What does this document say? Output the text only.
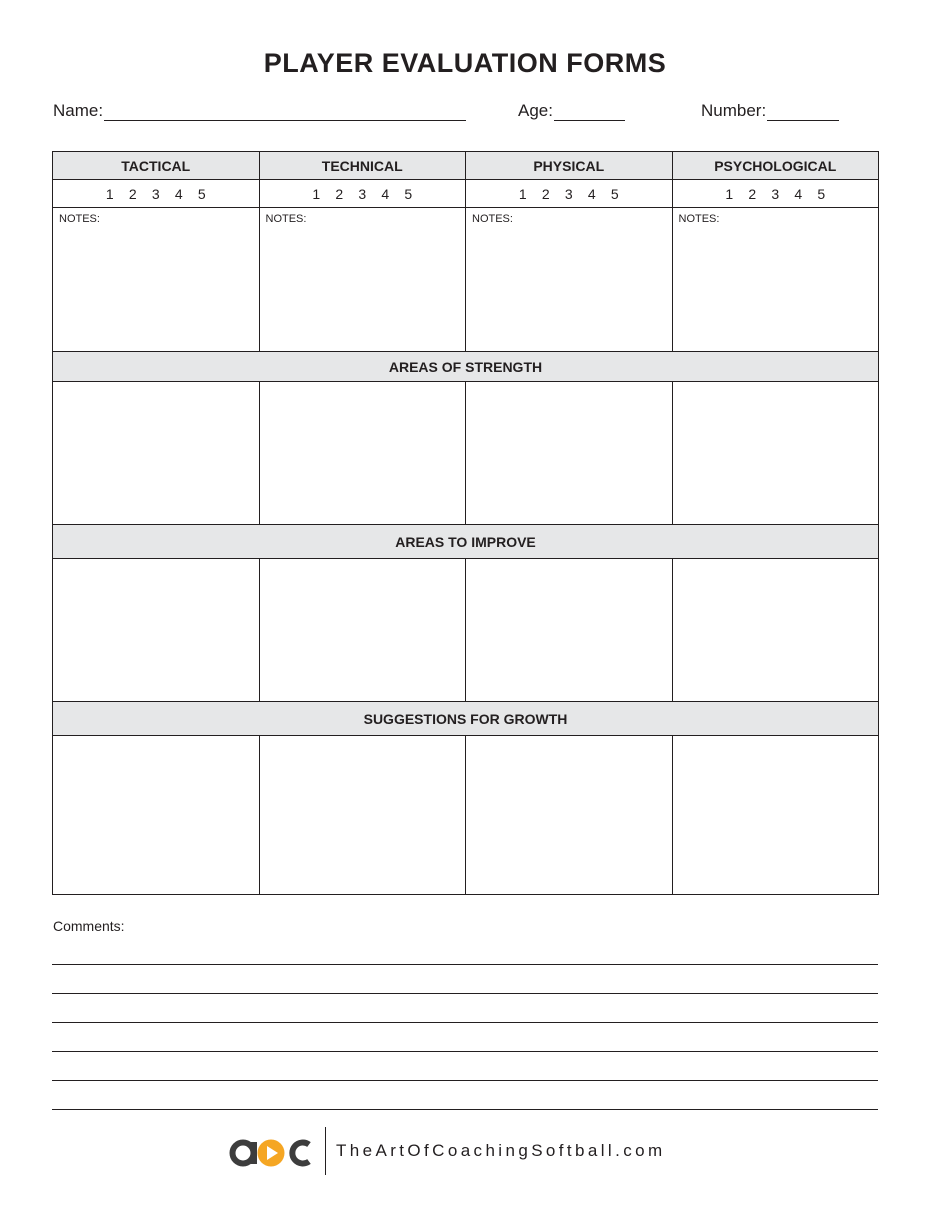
PLAYER EVALUATION FORMS
Name:	Age:	Number:
TACTICAL	TECHNICAL	PHYSICAL	PSYCHOLOGICAL
1 2 3 4 5	1 2 3 4 5	1 2 3 4 5	1 2 3 4 5

NOTES:	NOTES:	NOTES:	NOTES:

AREAS OF STRENGTH			

AREAS TO IMPROVE			

SUGGESTIONS FOR GROWTH			

Comments:
TheArtOfCoachingSoftball.com
